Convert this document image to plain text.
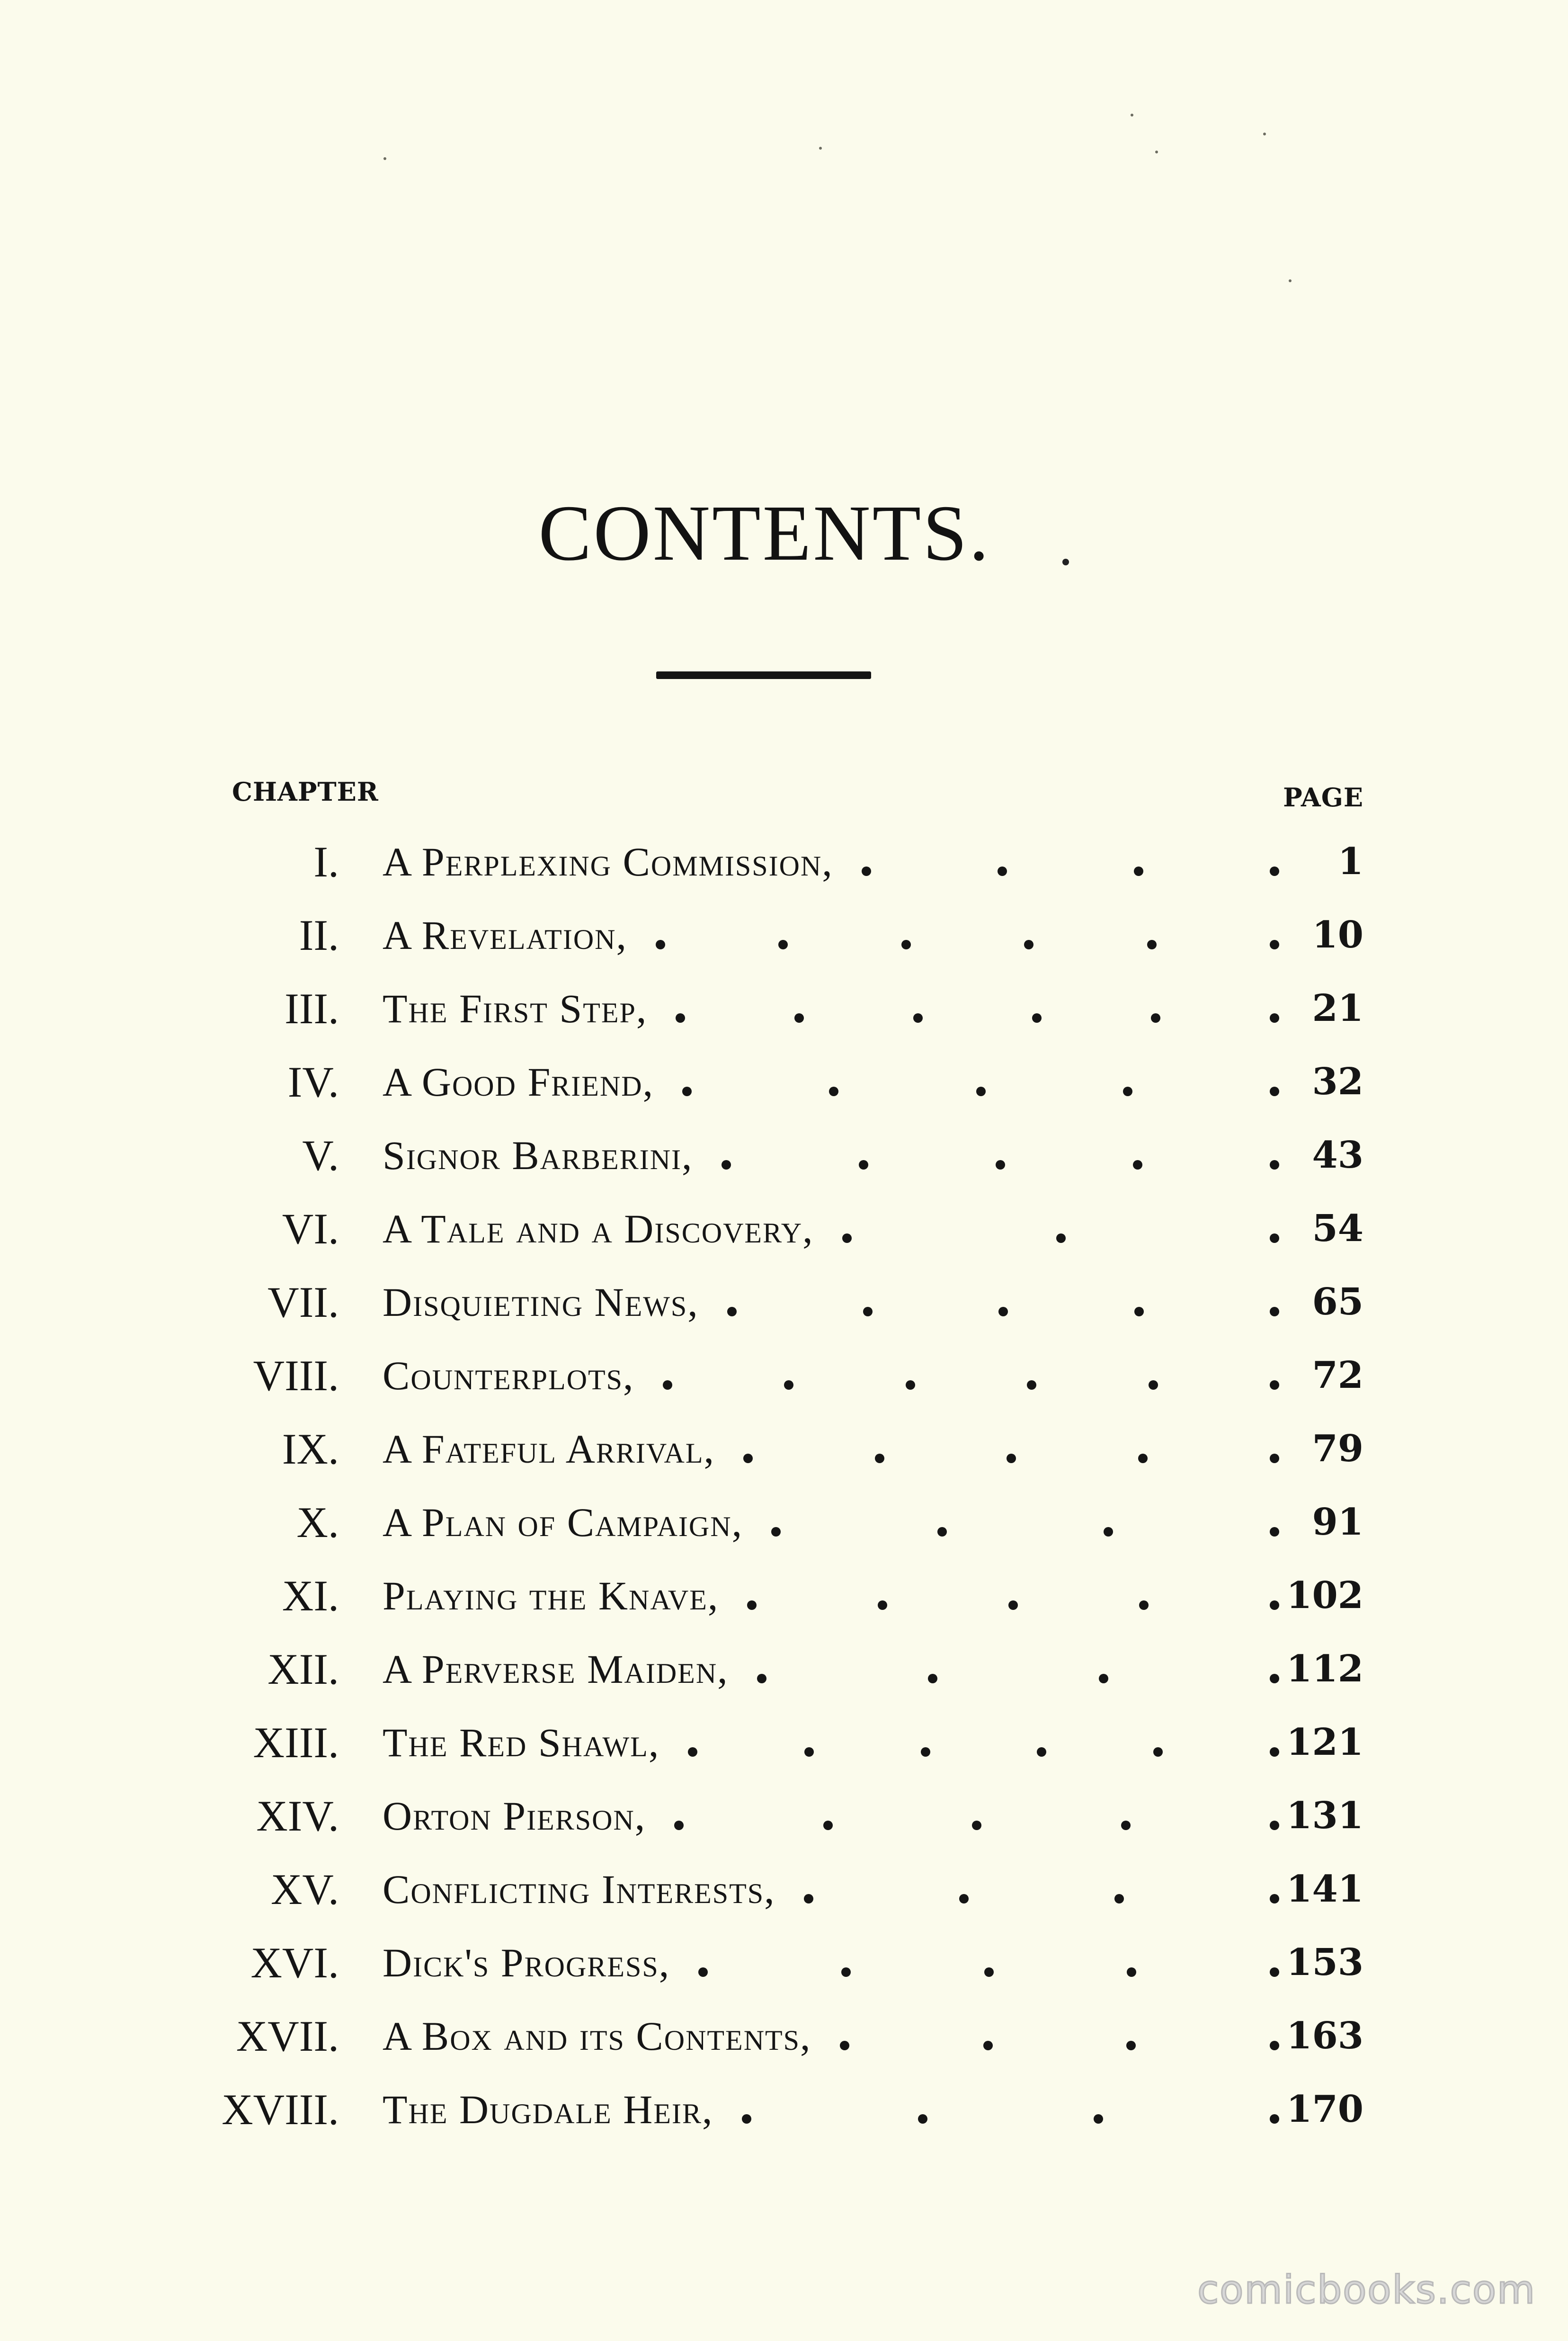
CONTENTS.
CHAPTER	PAGE
I. A Perplexing Commission,	1
II. A Revelation,	10
III. The First Step,	21
IV. A Good Friend,	32
V. Signor Barberini,	43
VI. A Tale and a Discovery,	54
VII. Disquieting News,	65
VIII. Counterplots,	72
IX. A Fateful Arrival,	79
X. A Plan of Campaign,	91
XI. Playing the Knave,	102
XII. A Perverse Maiden,	112
XIII. The Red Shawl,	121
XIV. Orton Pierson,	131
XV. Conflicting Interests,	141
XVI. Dick's Progress,	153
XVII. A Box and its Contents,	163
XVIII. The Dugdale Heir,	170
comicbooks.com
